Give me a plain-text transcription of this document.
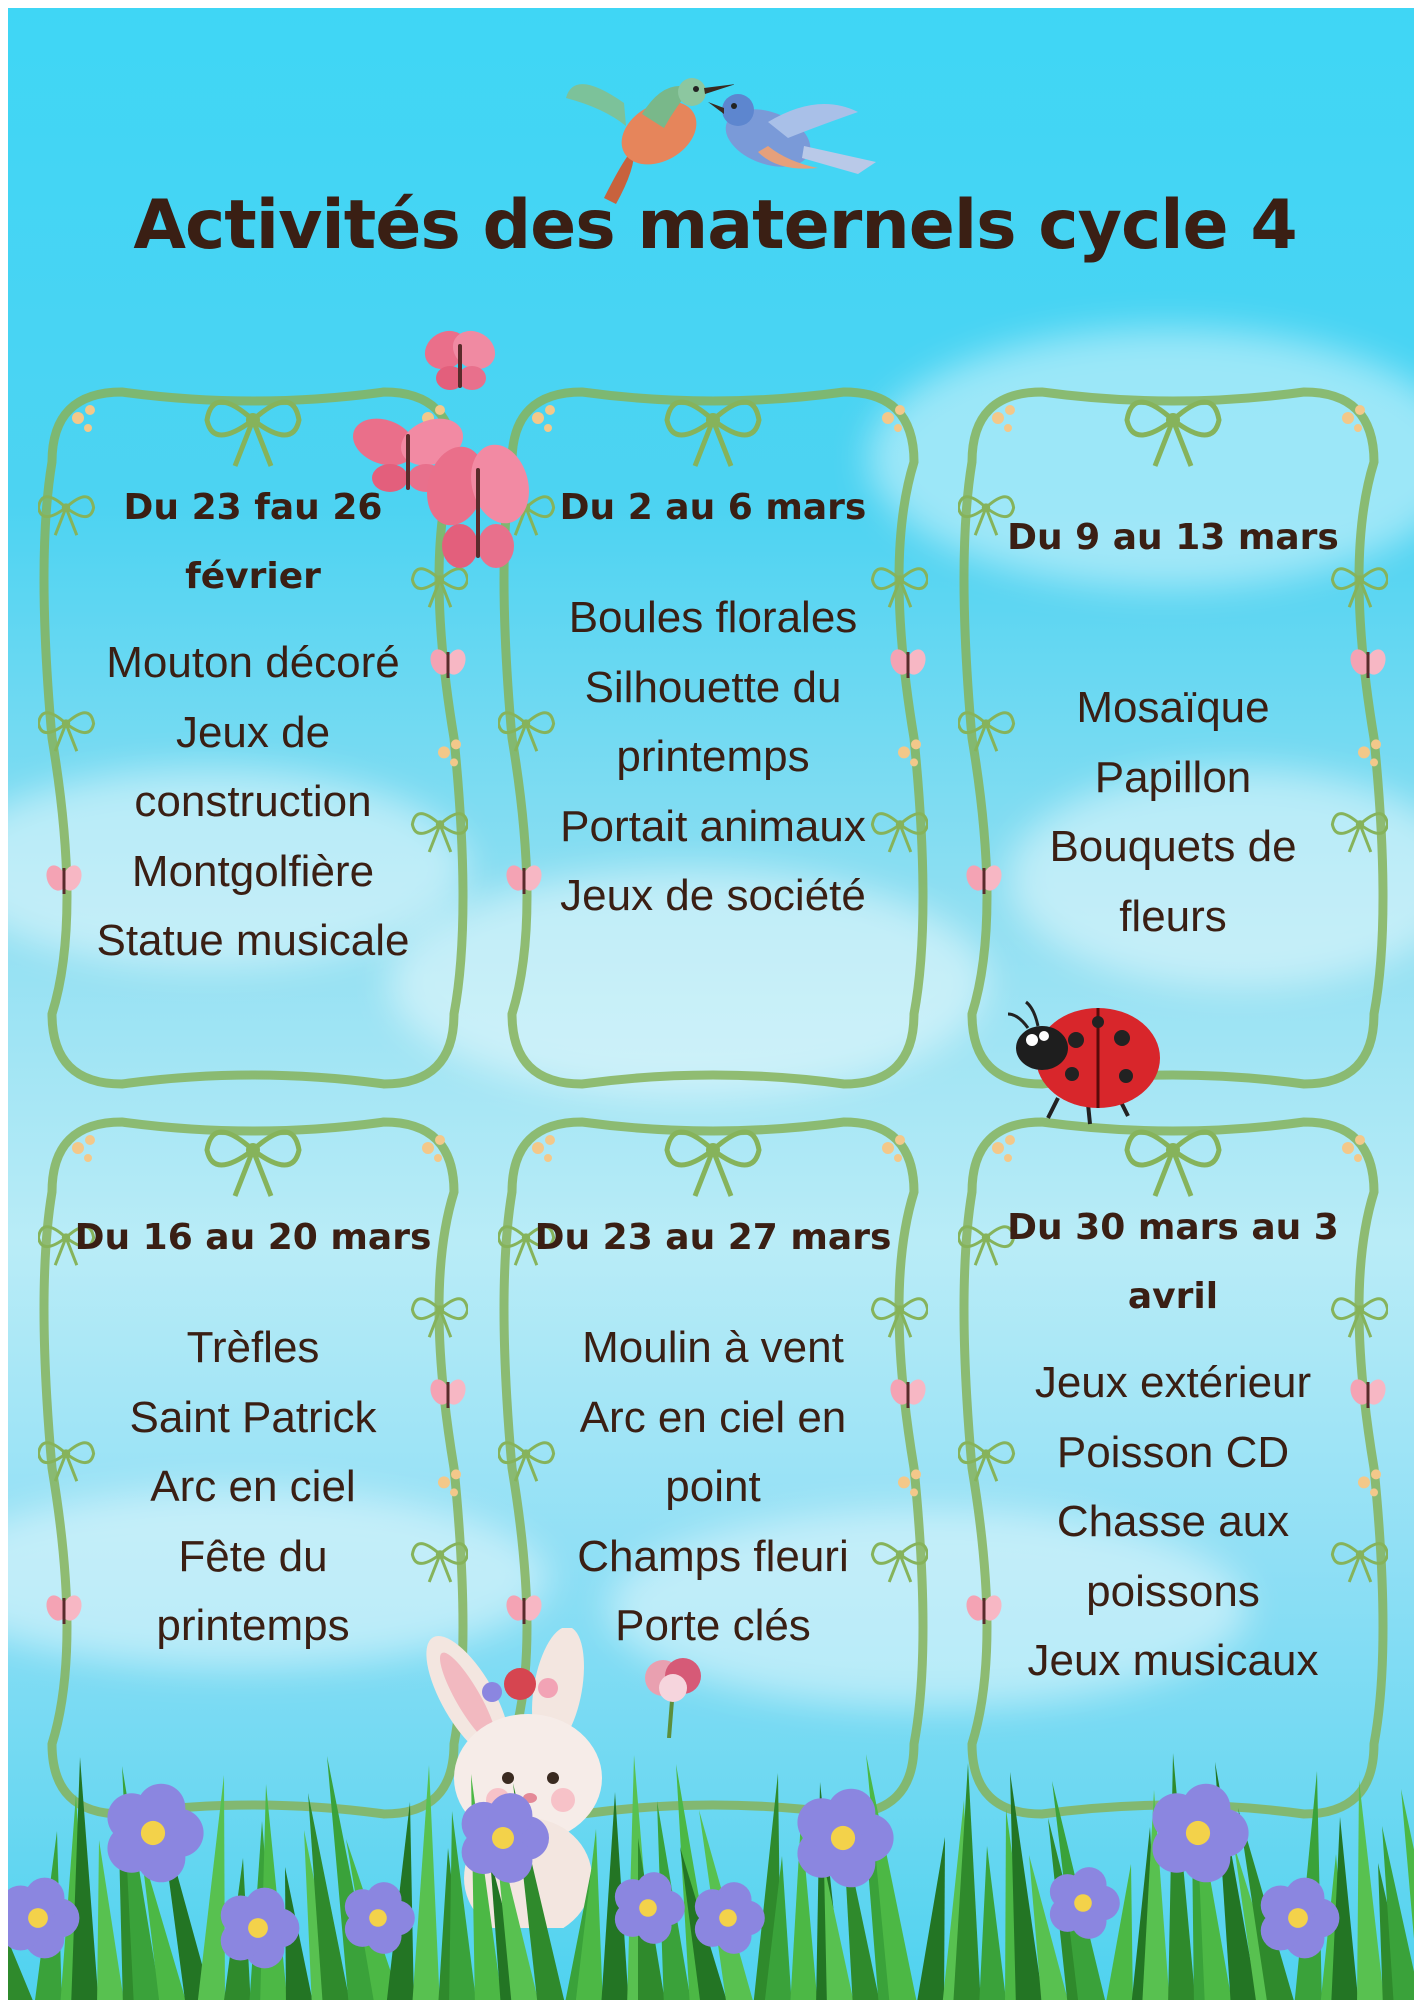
Activités des maternels cycle 4
Du 23 fau 26 février
Mouton décoré
Jeux de construction
Montgolfière
Statue musicale
Du 2 au 6 mars
Boules florales
Silhouette du printemps
Portait animaux
Jeux de société
Du 9 au 13 mars
Mosaïque
Papillon
Bouquets de fleurs
Du 16 au 20 mars
Trèfles
Saint Patrick
Arc en ciel
Fête du printemps
Du 23 au 27 mars
Moulin à vent
Arc en ciel en point
Champs fleuri
Porte clés
Du 30 mars au 3 avril
Jeux extérieur
Poisson CD
Chasse aux poissons
Jeux musicaux
